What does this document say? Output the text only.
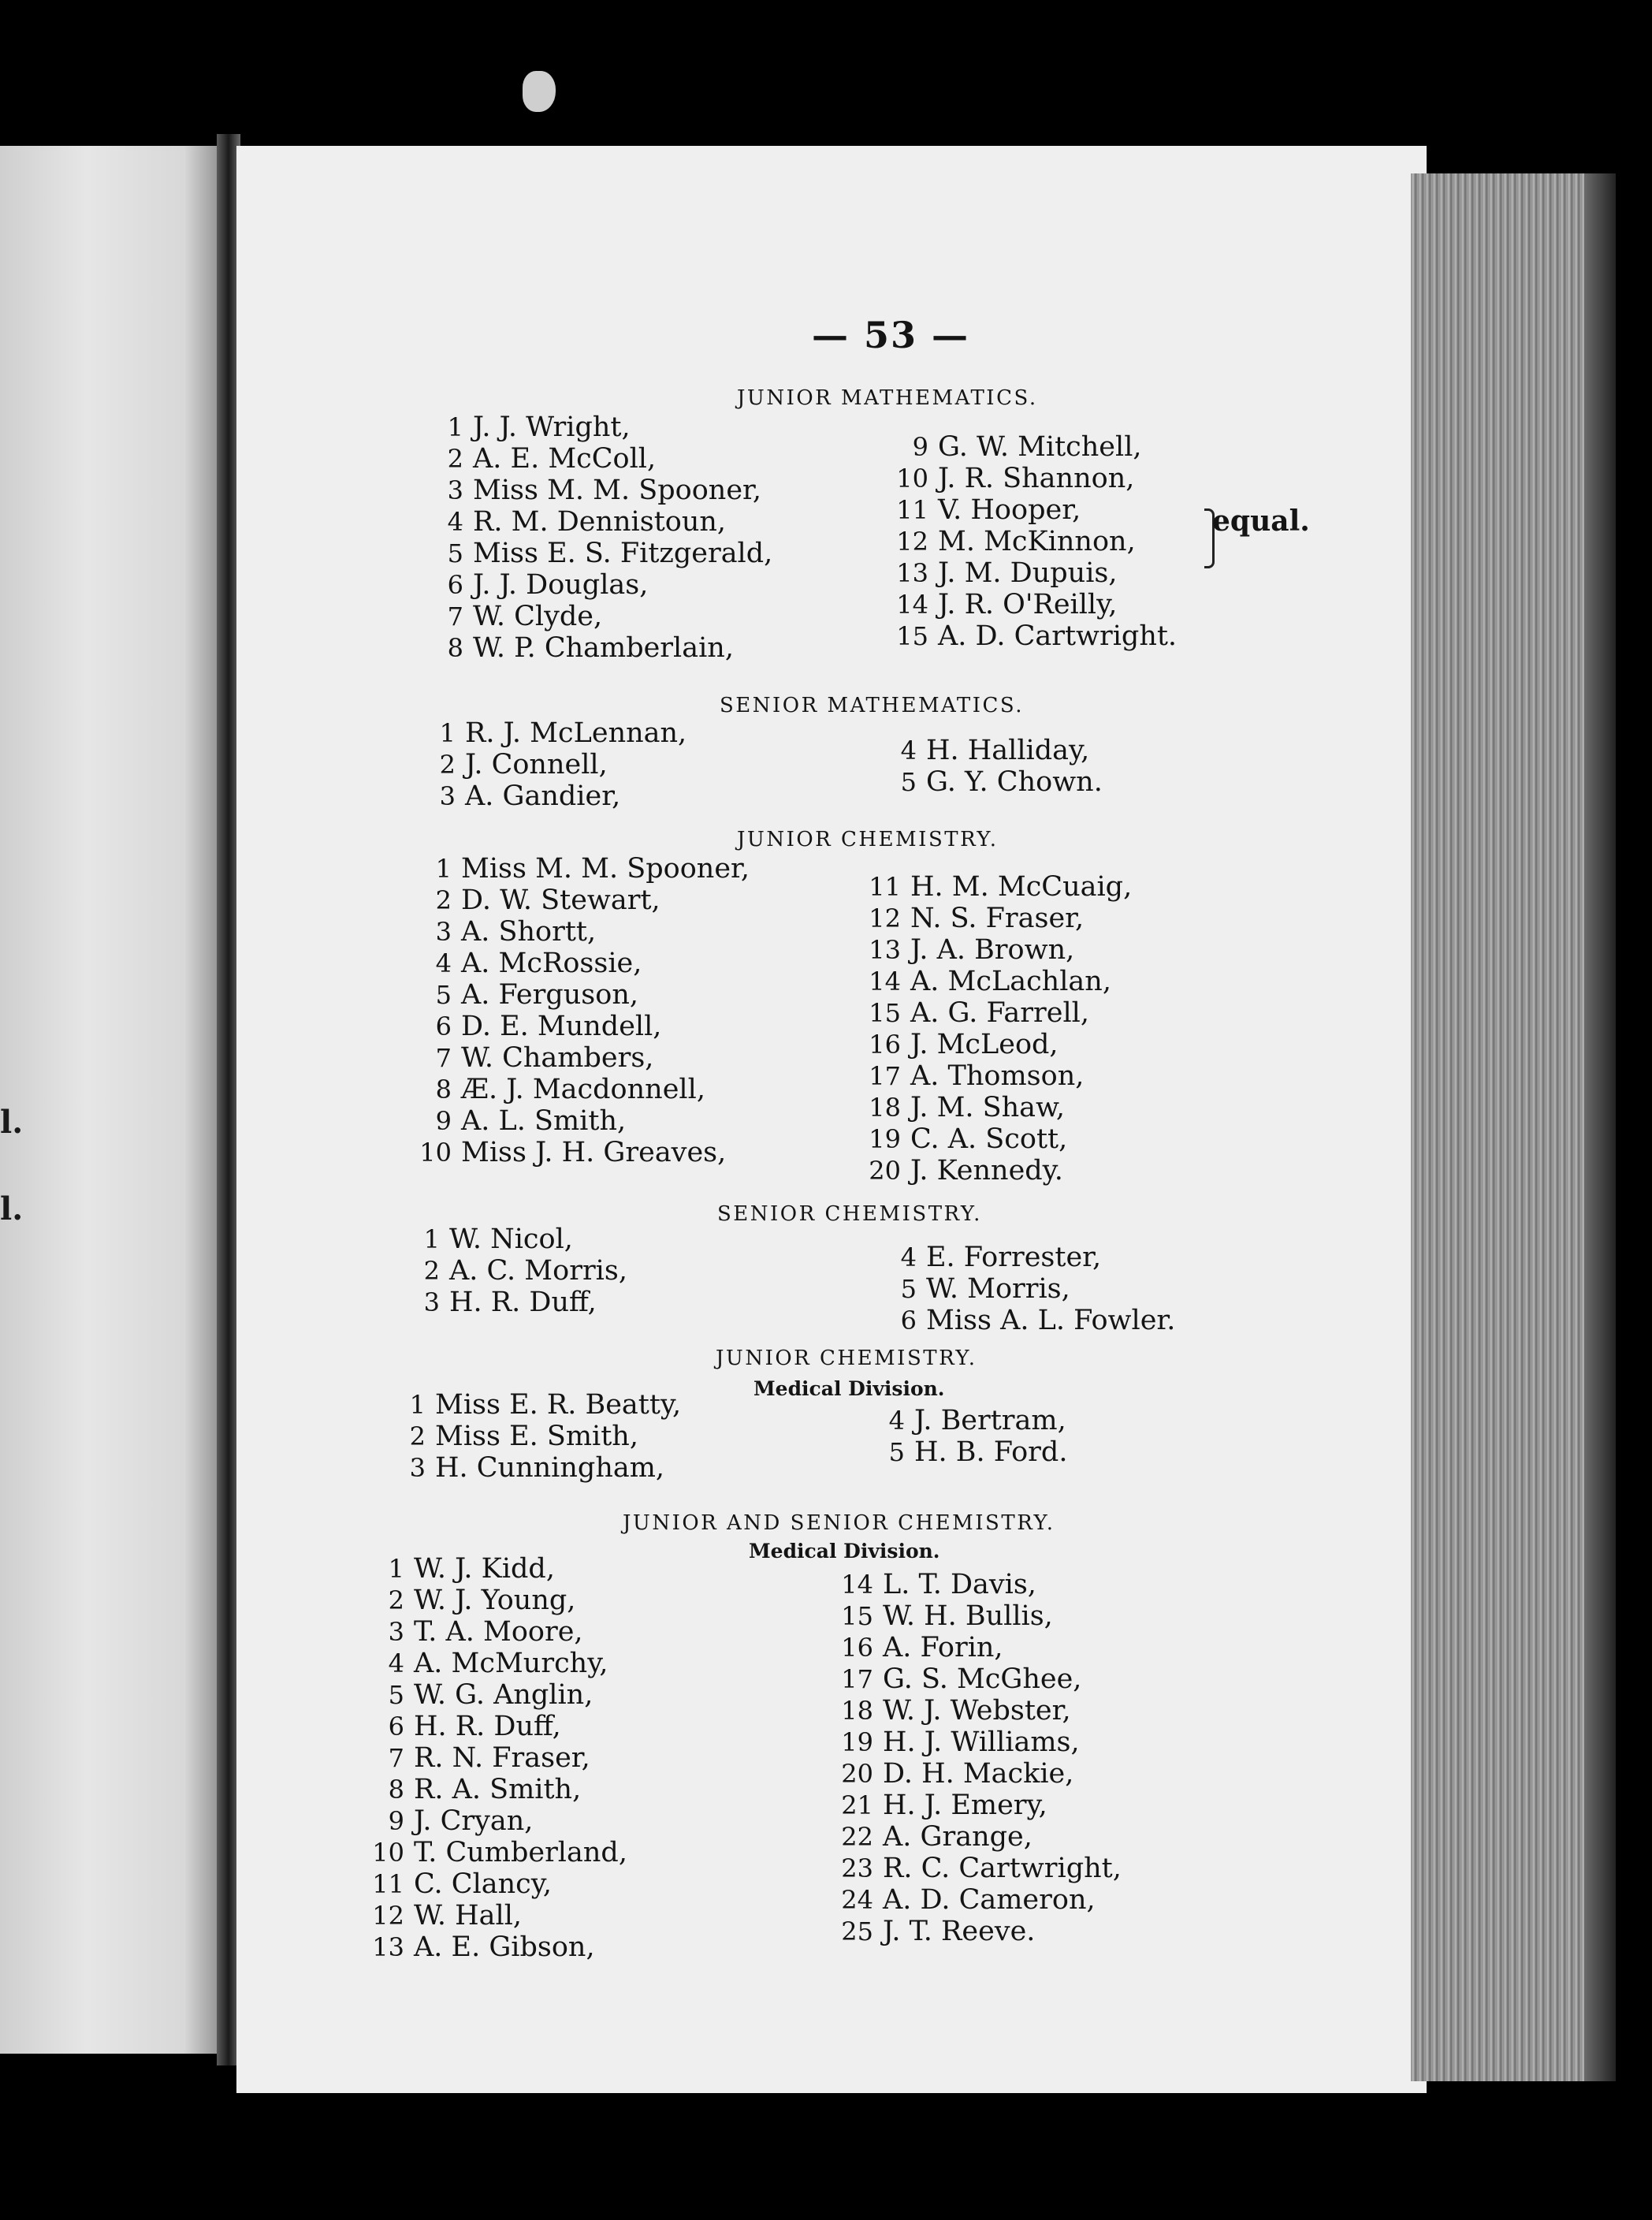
l.
l.
— 53 —
JUNIOR MATHEMATICS.
1 J. J. Wright,
2 A. E. McColl,
3 Miss M. M. Spooner,
4 R. M. Dennistoun,
5 Miss E. S. Fitzgerald,
6 J. J. Douglas,
7 W. Clyde,
8 W. P. Chamberlain,
9 G. W. Mitchell,
10 J. R. Shannon,
11 V. Hooper,
12 M. McKinnon,
13 J. M. Dupuis,
14 J. R. O'Reilly,
15 A. D. Cartwright.
equal.
SENIOR MATHEMATICS.
1 R. J. McLennan,
2 J. Connell,
3 A. Gandier,
4 H. Halliday,
5 G. Y. Chown.
JUNIOR CHEMISTRY.
1 Miss M. M. Spooner,
2 D. W. Stewart,
3 A. Shortt,
4 A. McRossie,
5 A. Ferguson,
6 D. E. Mundell,
7 W. Chambers,
8 Æ. J. Macdonnell,
9 A. L. Smith,
10 Miss J. H. Greaves,
11 H. M. McCuaig,
12 N. S. Fraser,
13 J. A. Brown,
14 A. McLachlan,
15 A. G. Farrell,
16 J. McLeod,
17 A. Thomson,
18 J. M. Shaw,
19 C. A. Scott,
20 J. Kennedy.
SENIOR CHEMISTRY.
1 W. Nicol,
2 A. C. Morris,
3 H. R. Duff,
4 E. Forrester,
5 W. Morris,
6 Miss A. L. Fowler.
JUNIOR CHEMISTRY.
Medical Division.
1 Miss E. R. Beatty,
2 Miss E. Smith,
3 H. Cunningham,
4 J. Bertram,
5 H. B. Ford.
JUNIOR AND SENIOR CHEMISTRY.
Medical Division.
1 W. J. Kidd,
2 W. J. Young,
3 T. A. Moore,
4 A. McMurchy,
5 W. G. Anglin,
6 H. R. Duff,
7 R. N. Fraser,
8 R. A. Smith,
9 J. Cryan,
10 T. Cumberland,
11 C. Clancy,
12 W. Hall,
13 A. E. Gibson,
14 L. T. Davis,
15 W. H. Bullis,
16 A. Forin,
17 G. S. McGhee,
18 W. J. Webster,
19 H. J. Williams,
20 D. H. Mackie,
21 H. J. Emery,
22 A. Grange,
23 R. C. Cartwright,
24 A. D. Cameron,
25 J. T. Reeve.
